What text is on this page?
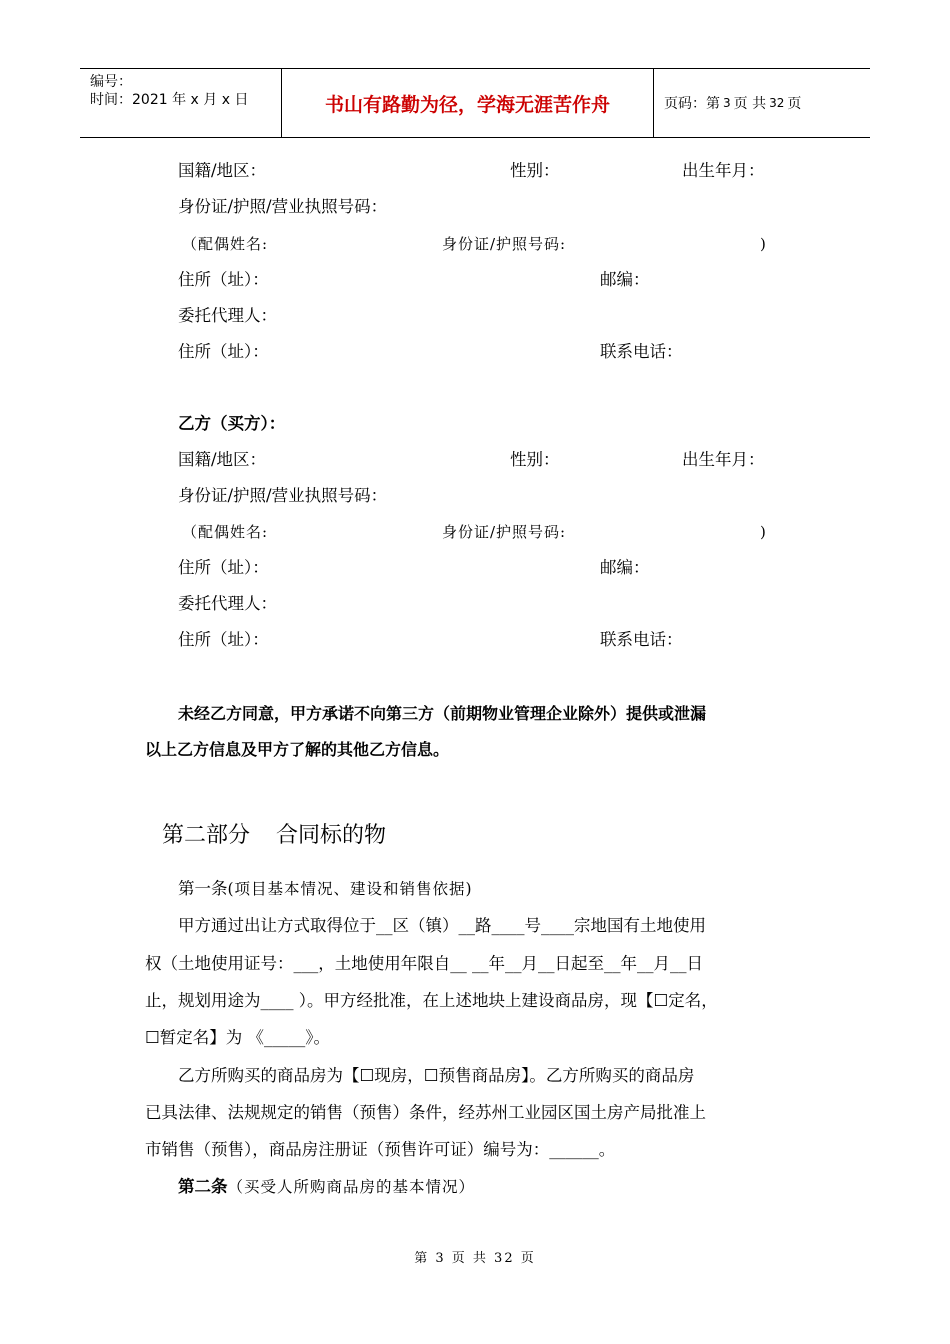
编号：
时间：2021 年 x 月 x 日	书山有路勤为径，学海无涯苦作舟	页码：第 3 页 共 32 页
国籍/地区：	性别：	出生年月：
身份证/护照/营业执照号码：
（配偶姓名:	身份证/护照号码:	)
住所（址）：	邮编：
委托代理人：
住所（址）：	联系电话：
乙方（买方）：
国籍/地区：	性别：	出生年月：
身份证/护照/营业执照号码：
（配偶姓名:	身份证/护照号码:	)
住所（址）：	邮编：
委托代理人：
住所（址）：	联系电话：
未经乙方同意，甲方承诺不向第三方（前期物业管理企业除外）提供或泄漏
以上乙方信息及甲方了解的其他乙方信息。
第二部分 合同标的物
第一条(项目基本情况、建设和销售依据)
甲方通过出让方式取得位于__区（镇）__路____号____宗地国有土地使用
权（土地使用证号：___，土地使用年限自__ __年__月__日起至__年__月__日
止，规划用途为____ ）。甲方经批准，在上述地块上建设商品房，现【☐定名，
☐暂定名】为 《_____》。
乙方所购买的商品房为【☐现房，☐预售商品房】。乙方所购买的商品房
已具法律、法规规定的销售（预售）条件，经苏州工业园区国土房产局批准上
市销售（预售），商品房注册证（预售许可证）编号为：______。
第二条（买受人所购商品房的基本情况）
第 3 页 共 32 页
